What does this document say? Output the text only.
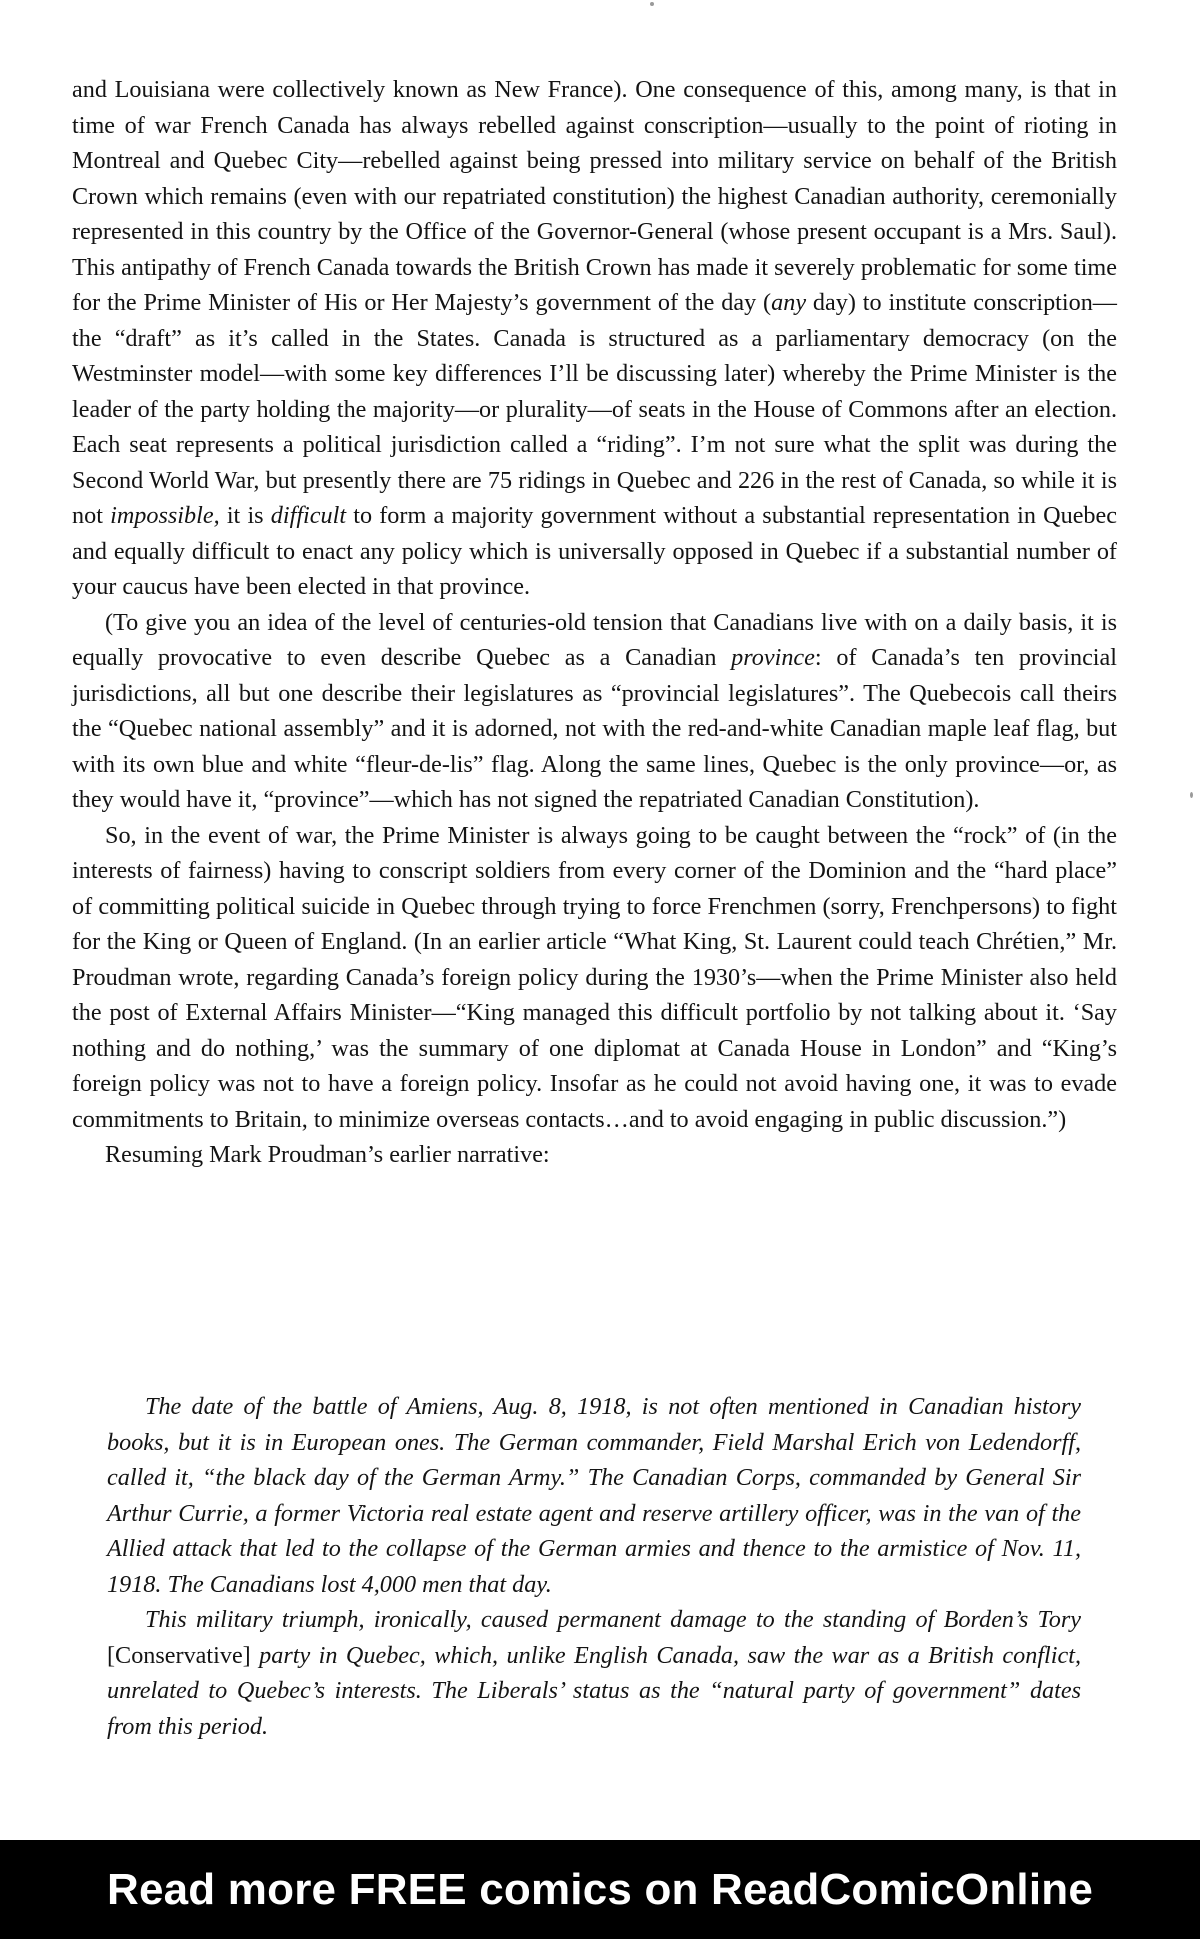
and Louisiana were collectively known as New France). One consequence of this, among many, is that in time of war French Canada has always rebelled against conscription—usually to the point of rioting in Montreal and Quebec City—rebelled against being pressed into military service on behalf of the British Crown which remains (even with our repatriated constitution) the highest Canadian authority, ceremonially represented in this country by the Office of the Governor-General (whose present occupant is a Mrs. Saul). This antipathy of French Canada towards the British Crown has made it severely problematic for some time for the Prime Minister of His or Her Majesty’s government of the day (any day) to institute conscription—the “draft” as it’s called in the States. Canada is structured as a parliamentary democracy (on the Westminster model—with some key differences I’ll be discussing later) whereby the Prime Minister is the leader of the party holding the majority—or plurality—of seats in the House of Commons after an election. Each seat represents a political jurisdiction called a “riding”. I’m not sure what the split was during the Second World War, but presently there are 75 ridings in Quebec and 226 in the rest of Canada, so while it is not impossible, it is difficult to form a majority government without a substantial representation in Quebec and equally difficult to enact any policy which is universally opposed in Quebec if a substantial number of your caucus have been elected in that province.

(To give you an idea of the level of centuries-old tension that Canadians live with on a daily basis, it is equally provocative to even describe Quebec as a Canadian province: of Canada’s ten provincial jurisdictions, all but one describe their legislatures as “provincial legislatures”. The Quebecois call theirs the “Quebec national assembly” and it is adorned, not with the red-and-white Canadian maple leaf flag, but with its own blue and white “fleur-de-lis” flag. Along the same lines, Quebec is the only province—or, as they would have it, “province”—which has not signed the repatriated Canadian Constitution).

So, in the event of war, the Prime Minister is always going to be caught between the “rock” of (in the interests of fairness) having to conscript soldiers from every corner of the Dominion and the “hard place” of committing political suicide in Quebec through trying to force Frenchmen (sorry, Frenchpersons) to fight for the King or Queen of England. (In an earlier article “What King, St. Laurent could teach Chrétien,” Mr. Proudman wrote, regarding Canada’s foreign policy during the 1930’s—when the Prime Minister also held the post of External Affairs Minister—“King managed this difficult portfolio by not talking about it. ‘Say nothing and do nothing,’ was the summary of one diplomat at Canada House in London” and “King’s foreign policy was not to have a foreign policy. Insofar as he could not avoid having one, it was to evade commitments to Britain, to minimize overseas contacts…and to avoid engaging in public discussion.”)

Resuming Mark Proudman’s earlier narrative:

The date of the battle of Amiens, Aug. 8, 1918, is not often mentioned in Canadian history books, but it is in European ones. The German commander, Field Marshal Erich von Ledendorff, called it, “the black day of the German Army.” The Canadian Corps, commanded by General Sir Arthur Currie, a former Victoria real estate agent and reserve artillery officer, was in the van of the Allied attack that led to the collapse of the German armies and thence to the armistice of Nov. 11, 1918. The Canadians lost 4,000 men that day.

This military triumph, ironically, caused permanent damage to the standing of Borden’s Tory [Conservative] party in Quebec, which, unlike English Canada, saw the war as a British conflict, unrelated to Quebec’s interests. The Liberals’ status as the “natural party of government” dates from this period.

Read more FREE comics on ReadComicOnline
